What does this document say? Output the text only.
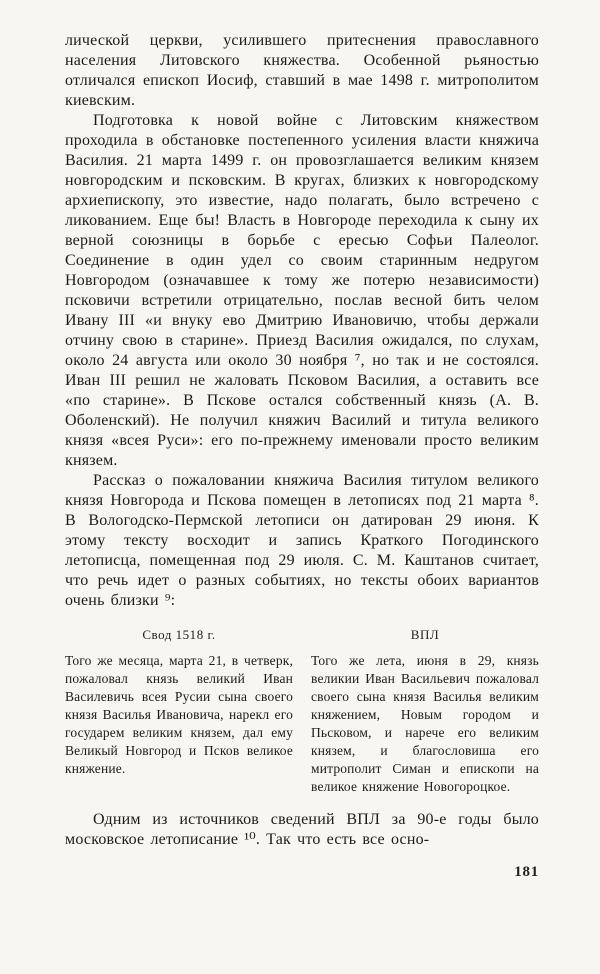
лической церкви, усилившего притеснения православного населения Литовского княжества. Особенной рьяностью отличался епископ Иосиф, ставший в мае 1498 г. митрополитом киевским.

Подготовка к новой войне с Литовским княжеством проходила в обстановке постепенного усиления власти княжича Василия. 21 марта 1499 г. он провозглашается великим князем новгородским и псковским. В кругах, близких к новгородскому архиепископу, это известие, надо полагать, было встречено с ликованием. Еще бы! Власть в Новгороде переходила к сыну их верной союзницы в борьбе с ересью Софьи Палеолог. Соединение в один удел со своим старинным недругом Новгородом (означавшее к тому же потерю независимости) псковичи встретили отрицательно, послав весной бить челом Ивану III «и внуку ево Дмитрию Ивановичю, чтобы держали отчину свою в старине». Приезд Василия ожидался, по слухам, около 24 августа или около 30 ноября ⁷, но так и не состоялся. Иван III решил не жаловать Псковом Василия, а оставить все «по старине». В Пскове остался собственный князь (А. В. Оболенский). Не получил княжич Василий и титула великого князя «всея Руси»: его по-прежнему именовали просто великим князем.

Рассказ о пожаловании княжича Василия титулом великого князя Новгорода и Пскова помещен в летописях под 21 марта ⁸. В Вологодско-Пермской летописи он датирован 29 июня. К этому тексту восходит и запись Краткого Погодинского летописца, помещенная под 29 июля. С. М. Каштанов считает, что речь идет о разных событиях, но тексты обоих вариантов очень близки ⁹:

Свод 1518 г.

Того же месяца, марта 21, в четверк, пожаловал князь великий Иван Василевичь всея Русии сына своего князя Василья Ивановича, нарекл его государем великим князем, дал ему Великый Новгород и Псков великое княжение.

ВПЛ

Того же лета, июня в 29, князь великии Иван Васильевич пожаловал своего сына князя Василья великим княжением, Новым городом и Пьсковом, и нарече его великим князем, и благословиша его митрополит Симан и епископи на великое княжение Новогороцкое.

Одним из источников сведений ВПЛ за 90-е годы было московское летописание ¹⁰. Так что есть все осно-

181
